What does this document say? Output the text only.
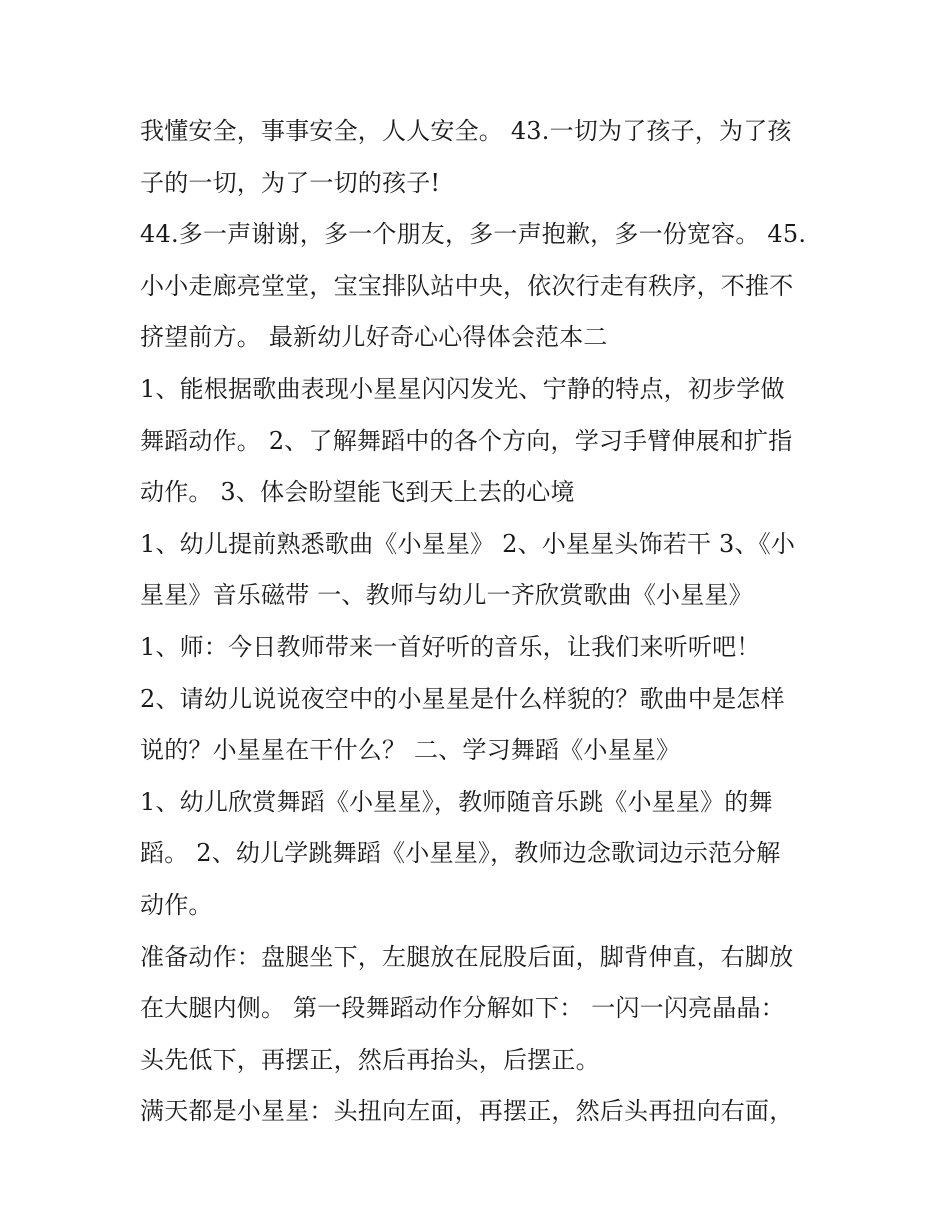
我懂安全，事事安全，人人安全。 43.一切为了孩子，为了孩
子的一切，为了一切的孩子!
44.多一声谢谢，多一个朋友，多一声抱歉，多一份宽容。 45.
小小走廊亮堂堂，宝宝排队站中央，依次行走有秩序，不推不
挤望前方。 最新幼儿好奇心心得体会范本二
1、能根据歌曲表现小星星闪闪发光、宁静的特点，初步学做
舞蹈动作。 2、了解舞蹈中的各个方向，学习手臂伸展和扩指
动作。 3、体会盼望能飞到天上去的心境
1、幼儿提前熟悉歌曲《小星星》 2、小星星头饰若干 3、《小
星星》音乐磁带 一、教师与幼儿一齐欣赏歌曲《小星星》
1、师：今日教师带来一首好听的音乐，让我们来听听吧！
2、请幼儿说说夜空中的小星星是什么样貌的？歌曲中是怎样
说的？小星星在干什么？ 二、学习舞蹈《小星星》
1、幼儿欣赏舞蹈《小星星》，教师随音乐跳《小星星》的舞
蹈。 2、幼儿学跳舞蹈《小星星》，教师边念歌词边示范分解
动作。
准备动作：盘腿坐下，左腿放在屁股后面，脚背伸直，右脚放
在大腿内侧。 第一段舞蹈动作分解如下： 一闪一闪亮晶晶：
头先低下，再摆正，然后再抬头，后摆正。
满天都是小星星：头扭向左面，再摆正，然后头再扭向右面，
